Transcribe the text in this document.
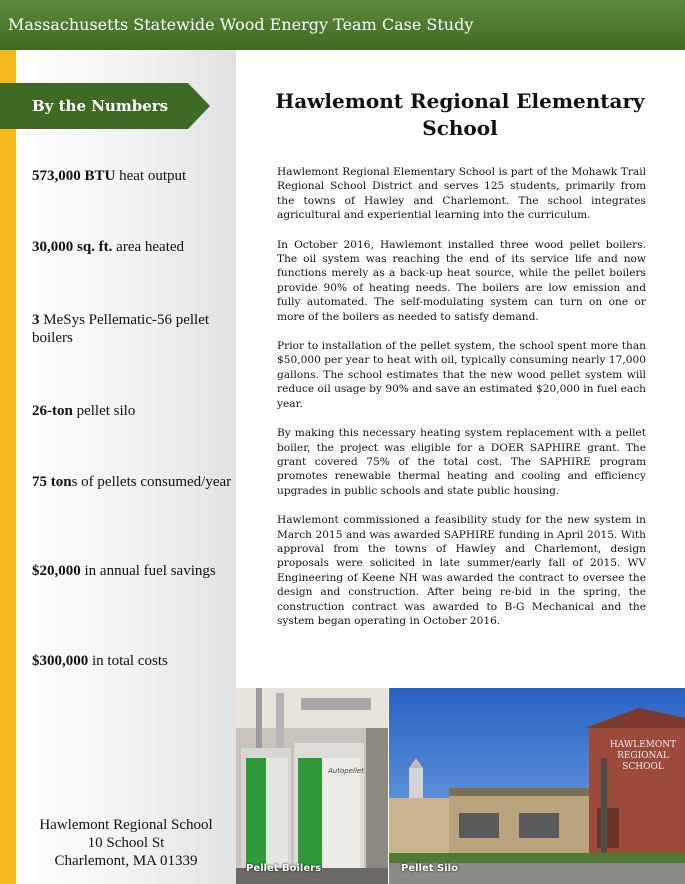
Massachusetts Statewide Wood Energy Team Case Study
By the Numbers
573,000 BTU heat output
30,000 sq. ft. area heated
3 MeSys Pellematic-56 pellet boilers
26-ton pellet silo
75 tons of pellets consumed/year
$20,000 in annual fuel savings
$300,000 in total costs
Hawlemont Regional School
10 School St
Charlemont, MA 01339
Hawlemont Regional Elementary School

Hawlemont Regional Elementary School is part of the Mohawk Trail Regional School District and serves 125 students, primarily from the towns of Hawley and Charlemont. The school integrates agricultural and experiential learning into the curriculum.

In October 2016, Hawlemont installed three wood pellet boilers. The oil system was reaching the end of its service life and now functions merely as a back-up heat source, while the pellet boilers provide 90% of heating needs. The boilers are low emission and fully automated. The self-modulating system can turn on one or more of the boilers as needed to satisfy demand.

Prior to installation of the pellet system, the school spent more than $50,000 per year to heat with oil, typically consuming nearly 17,000 gallons. The school estimates that the new wood pellet system will reduce oil usage by 90% and save an estimated $20,000 in fuel each year.

By making this necessary heating system replacement with a pellet boiler, the project was eligible for a DOER SAPHIRE grant. The grant covered 75% of the total cost. The SAPHIRE program promotes renewable thermal heating and cooling and efficiency upgrades in public schools and state public housing.

Hawlemont commissioned a feasibility study for the new system in March 2015 and was awarded SAPHIRE funding in April 2015. With approval from the towns of Hawley and Charlemont, design proposals were solicited in late summer/early fall of 2015. WV Engineering of Keene NH was awarded the contract to oversee the design and construction. After being re-bid in the spring, the construction contract was awarded to B-G Mechanical and the system began operating in October 2016.

Autopellet
Pellet Boilers
HAWLEMONT
REGIONAL SCHOOL
Pellet Silo
